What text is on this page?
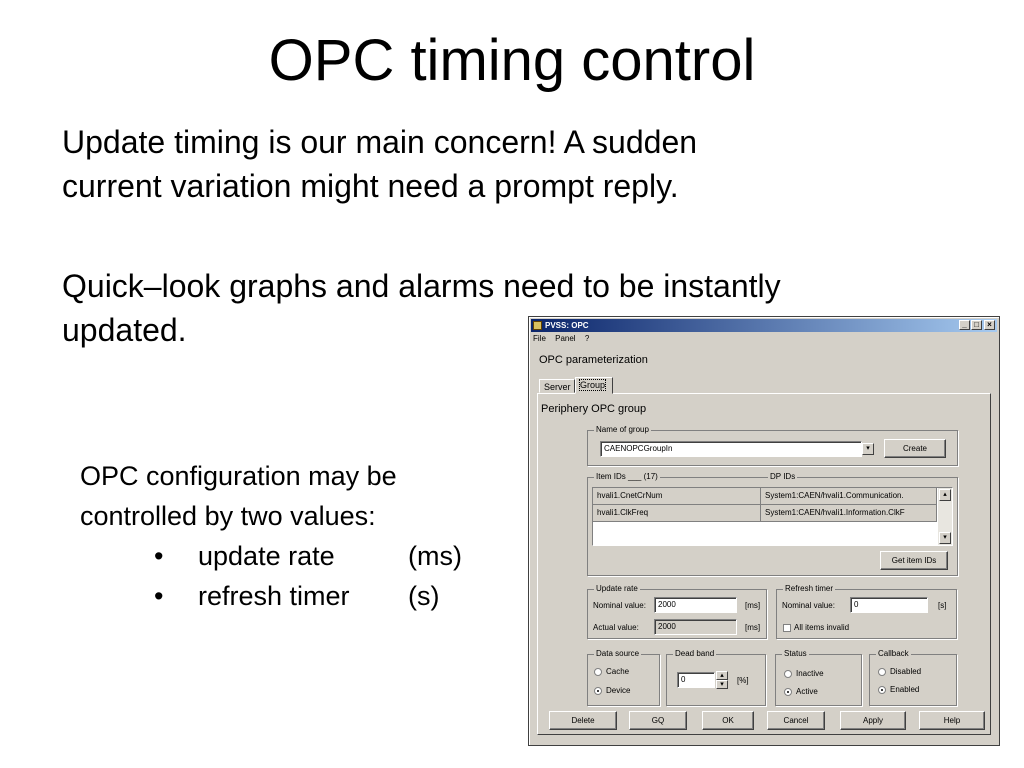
OPC timing control
Update timing is our main concern! A sudden
current variation might need a prompt reply.
Quick–look graphs and alarms need to be instantly
updated.
OPC configuration may be
controlled by two values:
• update rate	(ms)
• refresh timer (s)
PVSS: OPC	_ □	×
File Panel ?
OPC parameterization
Server	Group
Periphery OPC group
Name of group
CAENOPCGroupIn	▾	Create
Item IDs ___ (17)	DP IDs
hvali1.CnetCrNum	System1:CAEN/hvali1.Communication.
hvali1.ClkFreq	System1:CAEN/hvali1.Information.ClkF
▴
▾
Get item IDs
Update rate
Nominal value:	2000	[ms]
Actual value:	2000	[ms]
Refresh timer
Nominal value:	0	[s]
All items invalid
Data source
Cache
Device
Dead band
0	▴
▾	[%]
Status
Inactive
Active
Callback
Disabled
Enabled
Delete	GQ	OK	Cancel	Apply	Help
